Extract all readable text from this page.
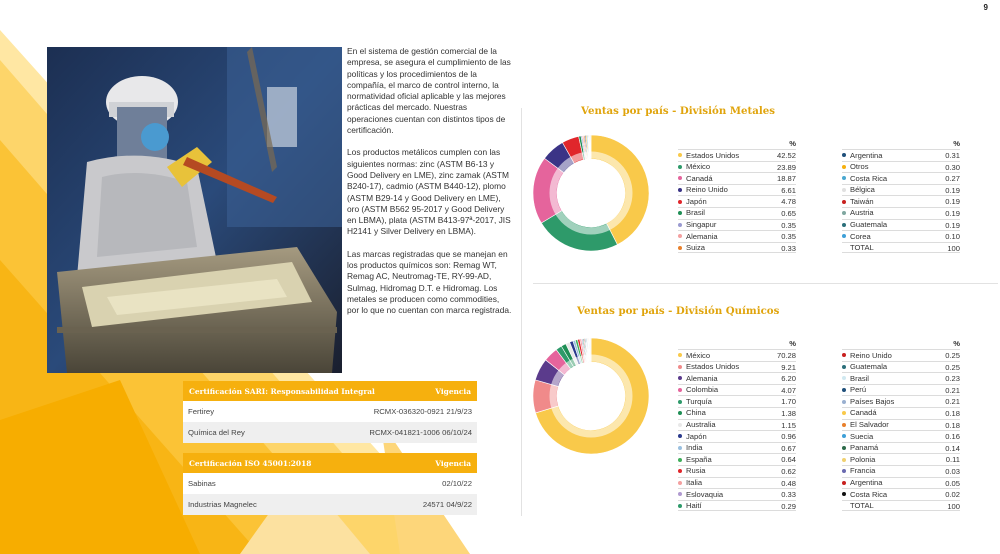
9

En el sistema de gestión comercial de la empresa, se asegura el cumplimiento de las políticas y los procedimientos de la compañía, el marco de control interno, la normatividad oficial aplicable y las mejores prácticas del mercado. Nuestras operaciones cuentan con distintos tipos de certificación.

Los productos metálicos cumplen con las siguientes normas: zinc (ASTM B6-13 y Good Delivery en LME), zinc zamak (ASTM B240-17), cadmio (ASTM B440-12), plomo (ASTM B29-14 y Good Delivery en LME), oro (ASTM B562 95-2017 y Good Delivery en LBMA), plata (ASTM B413-97ª-2017, JIS H2141 y Silver Delivery en LBMA).

Las marcas registradas que se manejan en los productos químicos son: Remag WT, Remag AC, Neutromag-TE, RY-99-AD, Sulmag, Hidromag D.T. e Hidromag. Los metales se producen como commodities, por lo que no cuentan con marca registrada.

Certificación SARI: Responsabilidad Integral	Vigencia
Fertirey	RCMX-036320-0921 21/9/23
Química del Rey	RCMX-041821-1006 06/10/24
Certificación ISO 45001:2018	Vigencia
Sabinas	02/10/22
Industrias Magnelec	24571 04/9/22
Ventas por país - División Metales
%
Estados Unidos	42.52
México	23.89
Canadá	18.87
Reino Unido	6.61
Japón	4.78
Brasil	0.65
Singapur	0.35
Alemania	0.35
Suiza	0.33
%
Argentina	0.31
Otros	0.30
Costa Rica	0.27
Bélgica	0.19
Taiwán	0.19
Austria	0.19
Guatemala	0.19
Corea	0.10
TOTAL	100
Ventas por país - División Químicos
%
México	70.28
Estados Unidos	9.21
Alemania	6.20
Colombia	4.07
Turquía	1.70
China	1.38
Australia	1.15
Japón	0.96
India	0.67
España	0.64
Rusia	0.62
Italia	0.48
Eslovaquia	0.33
Haití	0.29
%
Reino Unido	0.25
Guatemala	0.25
Brasil	0.23
Perú	0.21
Países Bajos	0.21
Canadá	0.18
El Salvador	0.18
Suecia	0.16
Panamá	0.14
Polonia	0.11
Francia	0.03
Argentina	0.05
Costa Rica	0.02
TOTAL	100
